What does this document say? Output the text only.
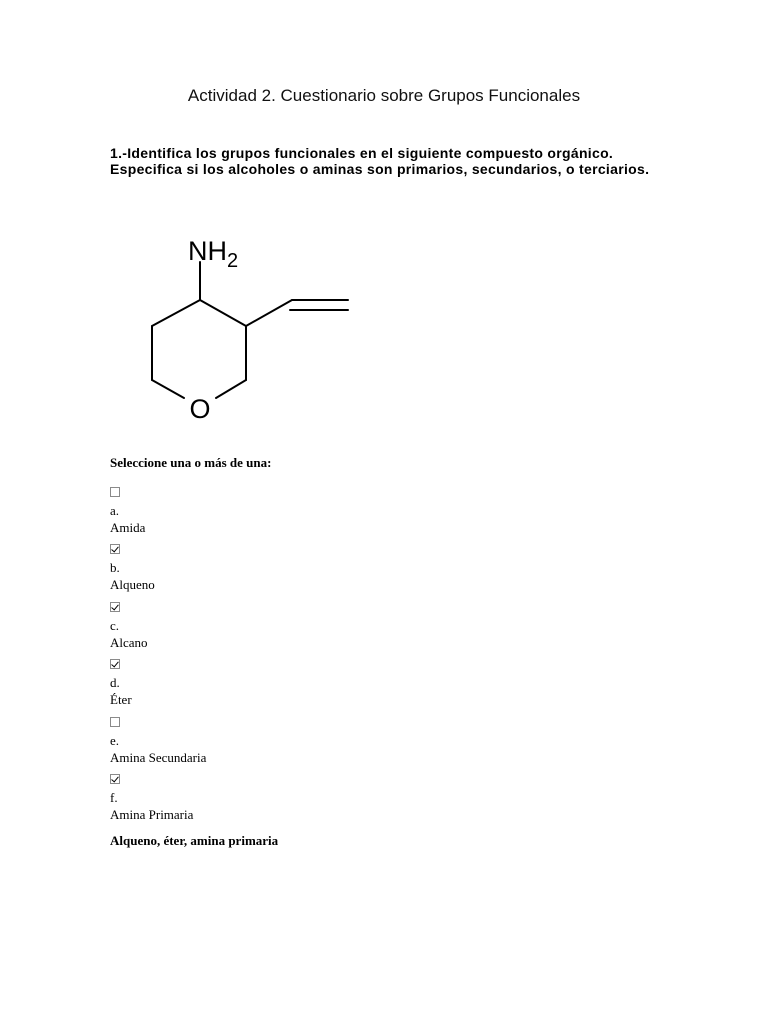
Actividad 2. Cuestionario sobre Grupos Funcionales
1.-Identifica los grupos funcionales en el siguiente compuesto orgánico. Especifica si los alcoholes o aminas son primarios, secundarios, o terciarios.
$NH_2$
O
Seleccione una o más de una:
a.
Amida
b.
Alqueno
c.
Alcano
d.
Éter
e.
Amina Secundaria
f.
Amina Primaria
Alqueno, éter, amina primaria
